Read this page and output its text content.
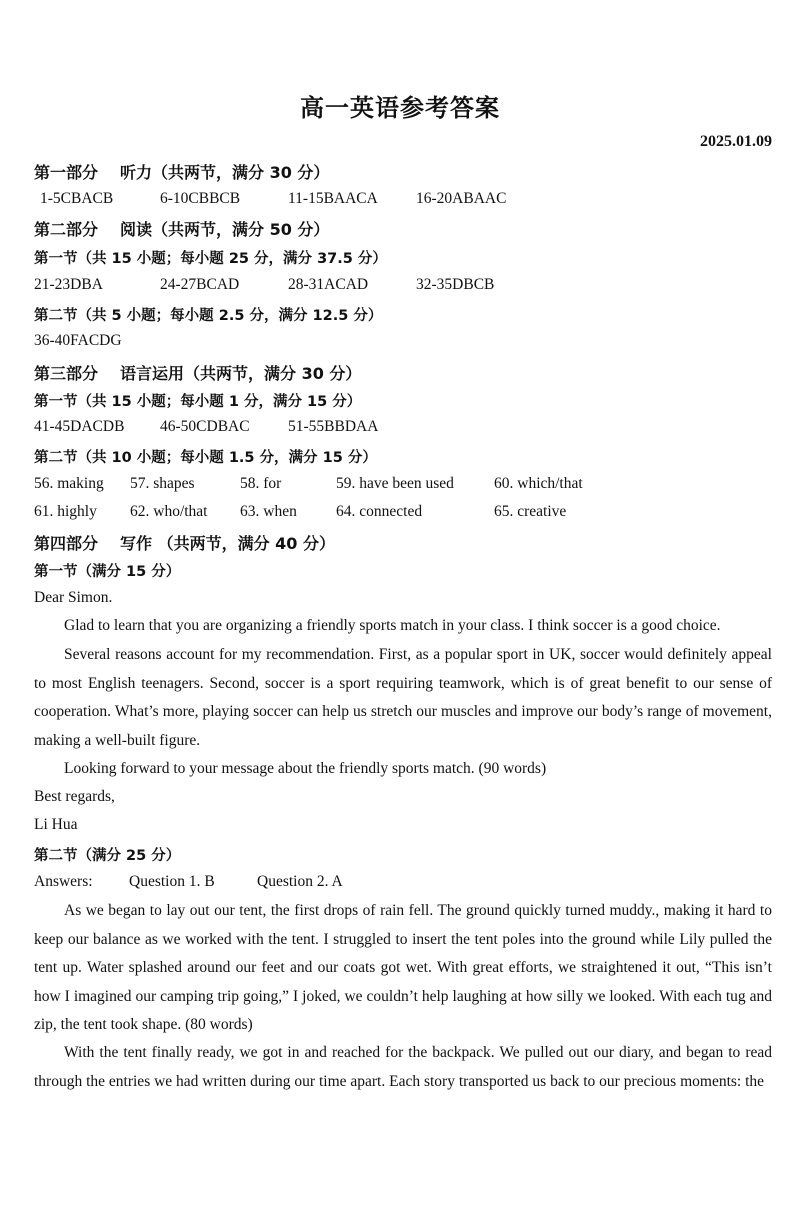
高一英语参考答案
2025.01.09
第一部分 听力（共两节，满分 30 分）
1-5CBACB	6-10CBBCB	11-15BAACA 16-20ABAAC
第二部分 阅读（共两节，满分 50 分）
第一节（共 15 小题；每小题 25 分，满分 37.5 分）
21-23DBA	24-27BCAD	28-31ACAD	32-35DBCB
第二节（共 5 小题；每小题 2.5 分，满分 12.5 分）
36-40FACDG
第三部分 语言运用（共两节，满分 30 分）
第一节（共 15 小题；每小题 1 分，满分 15 分）
41-45DACDB 46-50CDBAC 51-55BBDAA
第二节（共 10 小题；每小题 1.5 分，满分 15 分）
56. making 57. shapes	58. for	59. have been used	60. which/that
61. highly 62. who/that 63. when	64. connected	65. creative
第四部分 写作 （共两节，满分 40 分）
第一节（满分 15 分）
Dear Simon.
Glad to learn that you are organizing a friendly sports match in your class. I think soccer is a good choice.
Several reasons account for my recommendation. First, as a popular sport in UK, soccer would definitely appeal to most English teenagers. Second, soccer is a sport requiring teamwork, which is of great benefit to our sense of cooperation. What’s more, playing soccer can help us stretch our muscles and improve our body’s range of movement, making a well-built figure.
Looking forward to your message about the friendly sports match. (90 words)
Best regards,
Li Hua
第二节（满分 25 分）
Answers: Question 1. B	Question 2. A
As we began to lay out our tent, the first drops of rain fell. The ground quickly turned muddy., making it hard to keep our balance as we worked with the tent. I struggled to insert the tent poles into the ground while Lily pulled the tent up. Water splashed around our feet and our coats got wet. With great efforts, we straightened it out, “This isn’t how I imagined our camping trip going,” I joked, we couldn’t help laughing at how silly we looked. With each tug and zip, the tent took shape. (80 words)
With the tent finally ready, we got in and reached for the backpack. We pulled out our diary, and began to read through the entries we had written during our time apart. Each story transported us back to our precious moments: the
